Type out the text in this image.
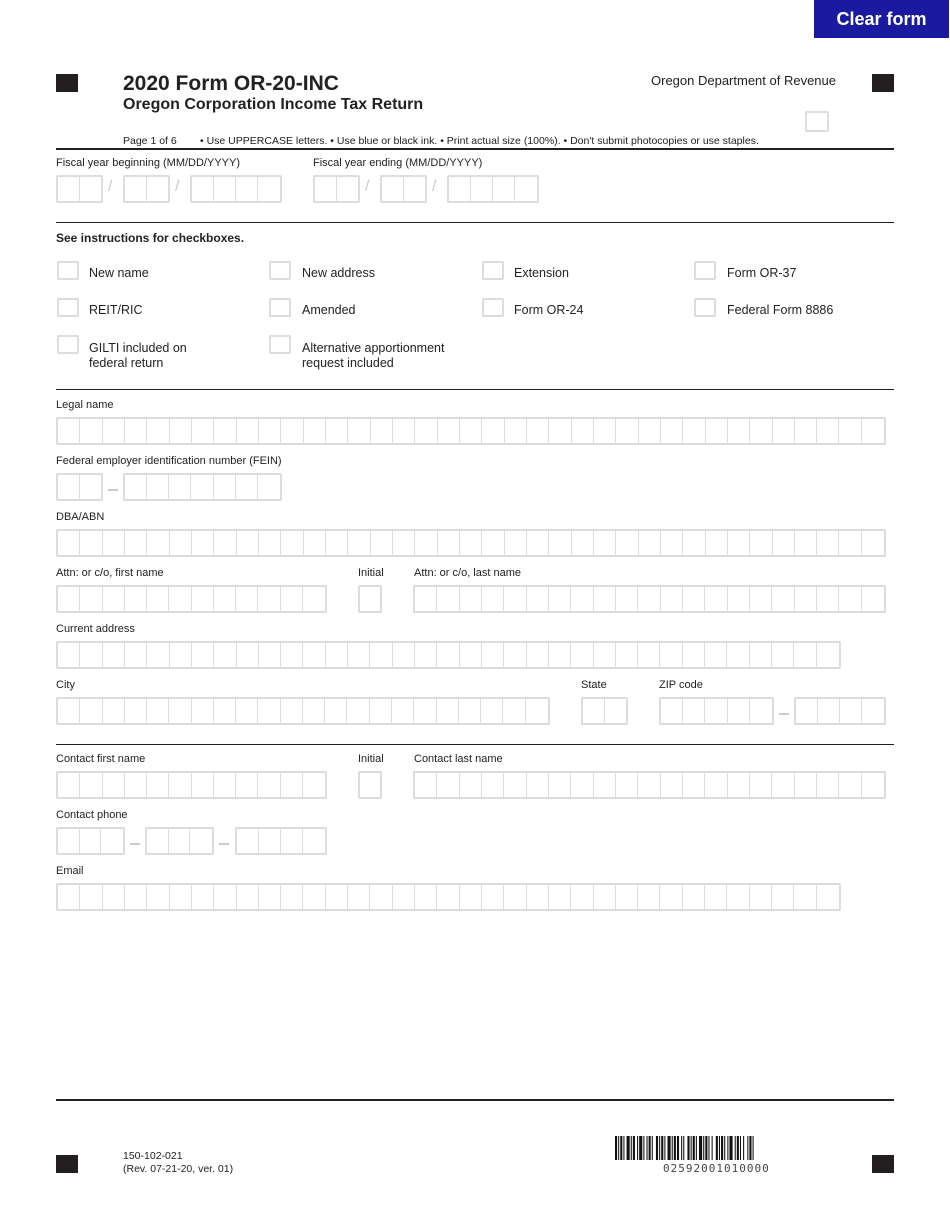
Clear form
2020 Form OR-20-INC
Oregon Corporation Income Tax Return
Oregon Department of Revenue
Page 1 of 6 • Use UPPERCASE letters. • Use blue or black ink. • Print actual size (100%). • Don't submit photocopies or use staples.
Fiscal year beginning (MM/DD/YYYY)	Fiscal year ending (MM/DD/YYYY)
/	/	/	/
See instructions for checkboxes.
New name	New address	Extension	Form OR-37
REIT/RIC	Amended	Form OR-24	Federal Form 8886
GILTI included on
federal return
Alternative apportionment
request included
Legal name
Federal employer identification number (FEIN)
DBA/ABN
Attn: or c/o, first name	Initial	Attn: or c/o, last name
Current address
City	State	ZIP code
Contact first name	Initial	Contact last name
Contact phone
Email
150-102-021
(Rev. 07-21-20, ver. 01)	02592001010000
